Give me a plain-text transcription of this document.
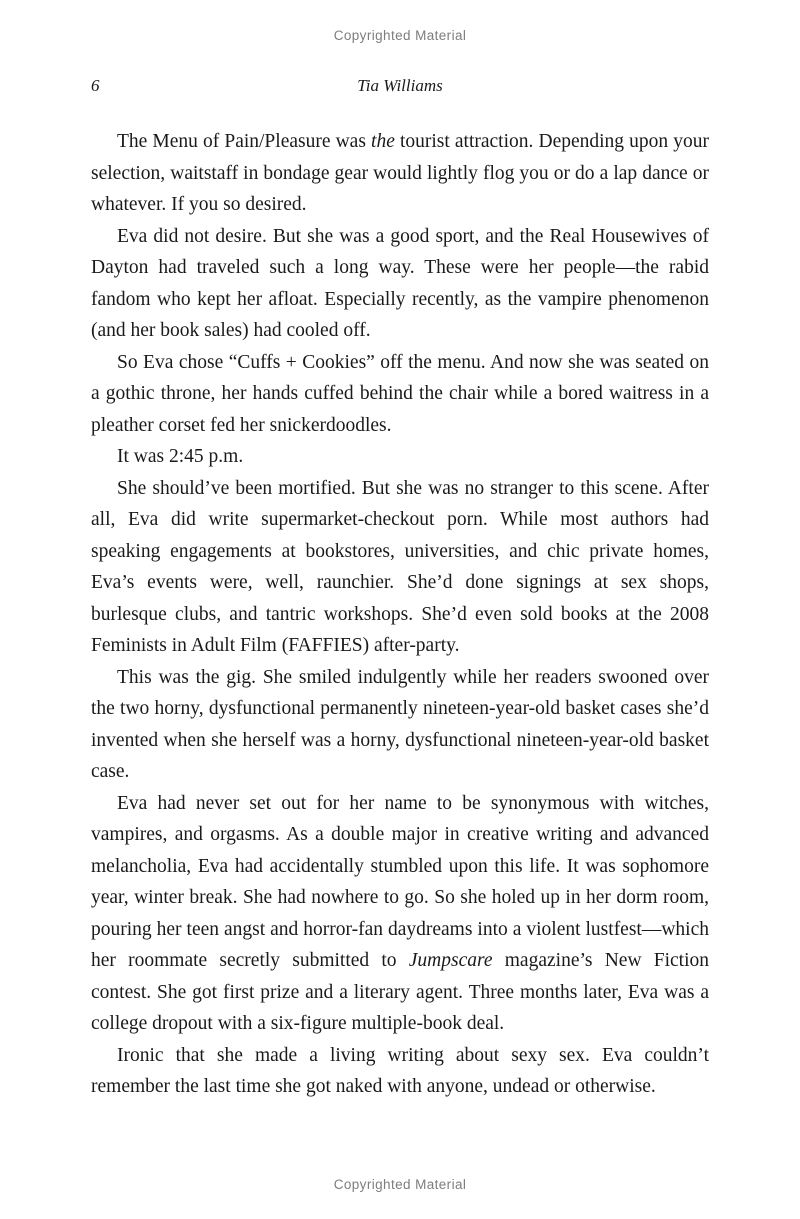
Copyrighted Material
6	Tia Williams

The Menu of Pain/Pleasure was the tourist attraction. Depending upon your selection, waitstaff in bondage gear would lightly flog you or do a lap dance or whatever. If you so desired.

Eva did not desire. But she was a good sport, and the Real Housewives of Dayton had traveled such a long way. These were her people—the rabid fandom who kept her afloat. Especially recently, as the vampire phenomenon (and her book sales) had cooled off.

So Eva chose “Cuffs + Cookies” off the menu. And now she was seated on a gothic throne, her hands cuffed behind the chair while a bored waitress in a pleather corset fed her snickerdoodles.

It was 2:45 p.m.

She should’ve been mortified. But she was no stranger to this scene. After all, Eva did write supermarket-checkout porn. While most authors had speaking engagements at bookstores, universities, and chic private homes, Eva’s events were, well, raunchier. She’d done signings at sex shops, burlesque clubs, and tantric workshops. She’d even sold books at the 2008 Feminists in Adult Film (FAFFIES) after-party.

This was the gig. She smiled indulgently while her readers swooned over the two horny, dysfunctional permanently nineteen-year-old basket cases she’d invented when she herself was a horny, dysfunctional nineteen-year-old basket case.

Eva had never set out for her name to be synonymous with witches, vampires, and orgasms. As a double major in creative writing and advanced melancholia, Eva had accidentally stumbled upon this life. It was sophomore year, winter break. She had nowhere to go. So she holed up in her dorm room, pouring her teen angst and horror-fan daydreams into a violent lustfest—which her roommate secretly submitted to Jumpscare magazine’s New Fiction contest. She got first prize and a literary agent. Three months later, Eva was a college dropout with a six-figure multiple-book deal.

Ironic that she made a living writing about sexy sex. Eva couldn’t remember the last time she got naked with anyone, undead or otherwise.

Copyrighted Material
